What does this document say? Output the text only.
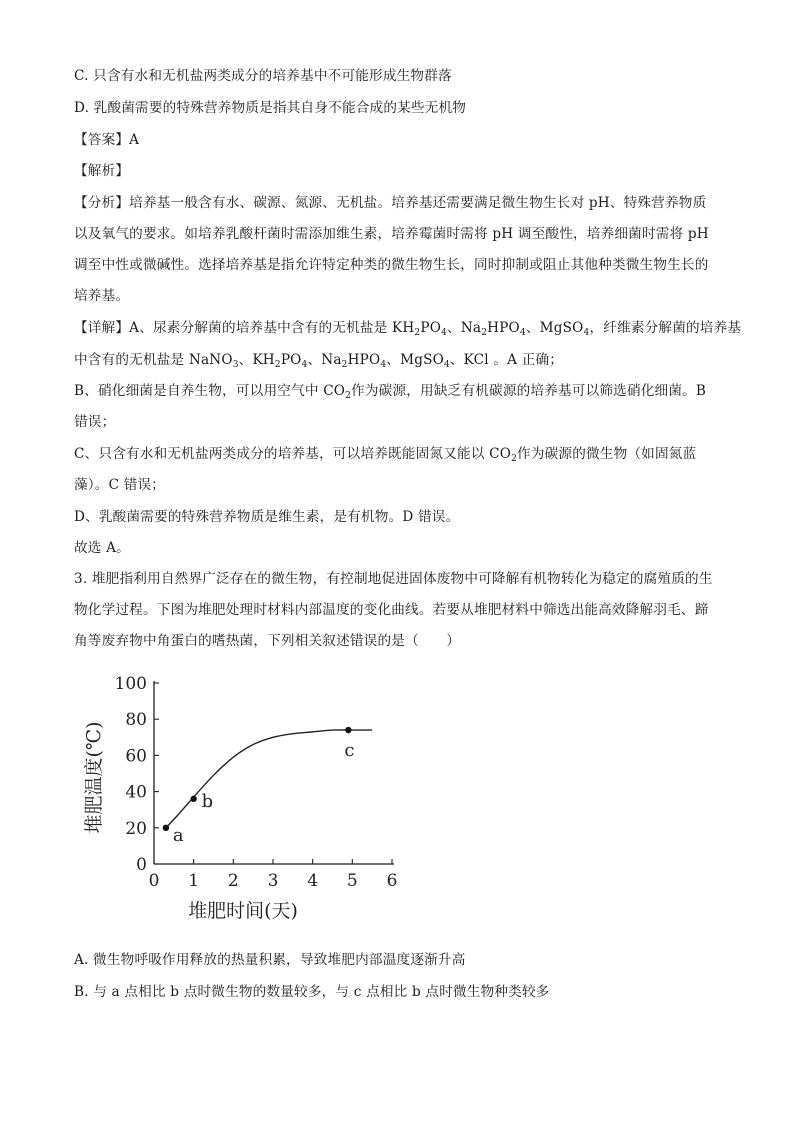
C. 只含有水和无机盐两类成分的培养基中不可能形成生物群落
D. 乳酸菌需要的特殊营养物质是指其自身不能合成的某些无机物
【答案】A
【解析】
【分析】培养基一般含有水、碳源、氮源、无机盐。培养基还需要满足微生物生长对 pH、特殊营养物质
以及氧气的要求。如培养乳酸杆菌时需添加维生素，培养霉菌时需将 pH 调至酸性，培养细菌时需将 pH
调至中性或微碱性。选择培养基是指允许特定种类的微生物生长，同时抑制或阻止其他种类微生物生长的
培养基。
【详解】A、尿素分解菌的培养基中含有的无机盐是 $KH_2PO_4$、$Na_2HPO_4$、MgSO$_4$，纤维素分解菌的培养基
中含有的无机盐是 NaNO$_3$、$KH_2PO_4$、$Na_2HPO_4$、MgSO$_4$、KCl 。A 正确；
B、硝化细菌是自养生物，可以用空气中 $CO_2$作为碳源，用缺乏有机碳源的培养基可以筛选硝化细菌。B
错误；
C、只含有水和无机盐两类成分的培养基，可以培养既能固氮又能以 $CO_2$作为碳源的微生物（如固氮蓝
藻）。C 错误；
D、乳酸菌需要的特殊营养物质是维生素，是有机物。D 错误。
故选 A。
3. 堆肥指利用自然界广泛存在的微生物，有控制地促进固体废物中可降解有机物转化为稳定的腐殖质的生
物化学过程。下图为堆肥处理时材料内部温度的变化曲线。若要从堆肥材料中筛选出能高效降解羽毛、蹄
角等废弃物中角蛋白的嗜热菌，下列相关叙述错误的是（　　）
0
20
40
60
80
100
0 1 2 3 4 5 6
堆肥时间(天)
堆肥温度(℃)
a
b
c
A. 微生物呼吸作用释放的热量积累，导致堆肥内部温度逐渐升高
B. 与 a 点相比 b 点时微生物的数量较多，与 c 点相比 b 点时微生物种类较多
